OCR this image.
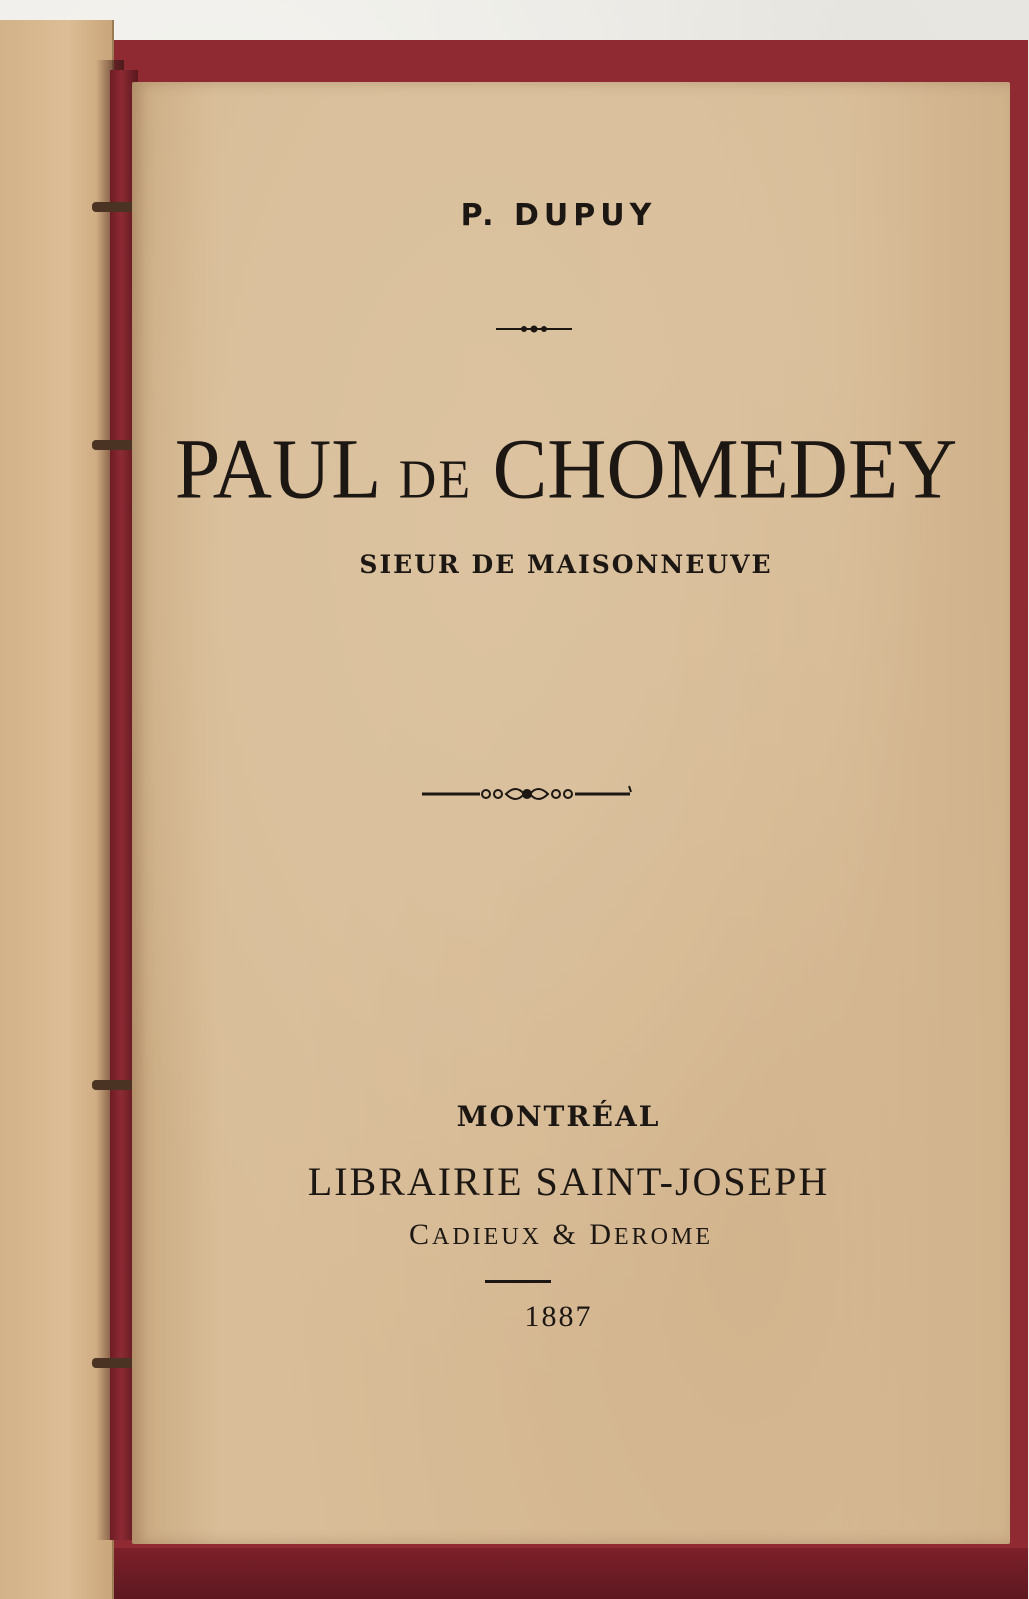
P. DUPUY
PAUL DE CHOMEDEY
SIEUR DE MAISONNEUVE
MONTRÉAL
LIBRAIRIE SAINT-JOSEPH
CADIEUX & DEROME
1887
